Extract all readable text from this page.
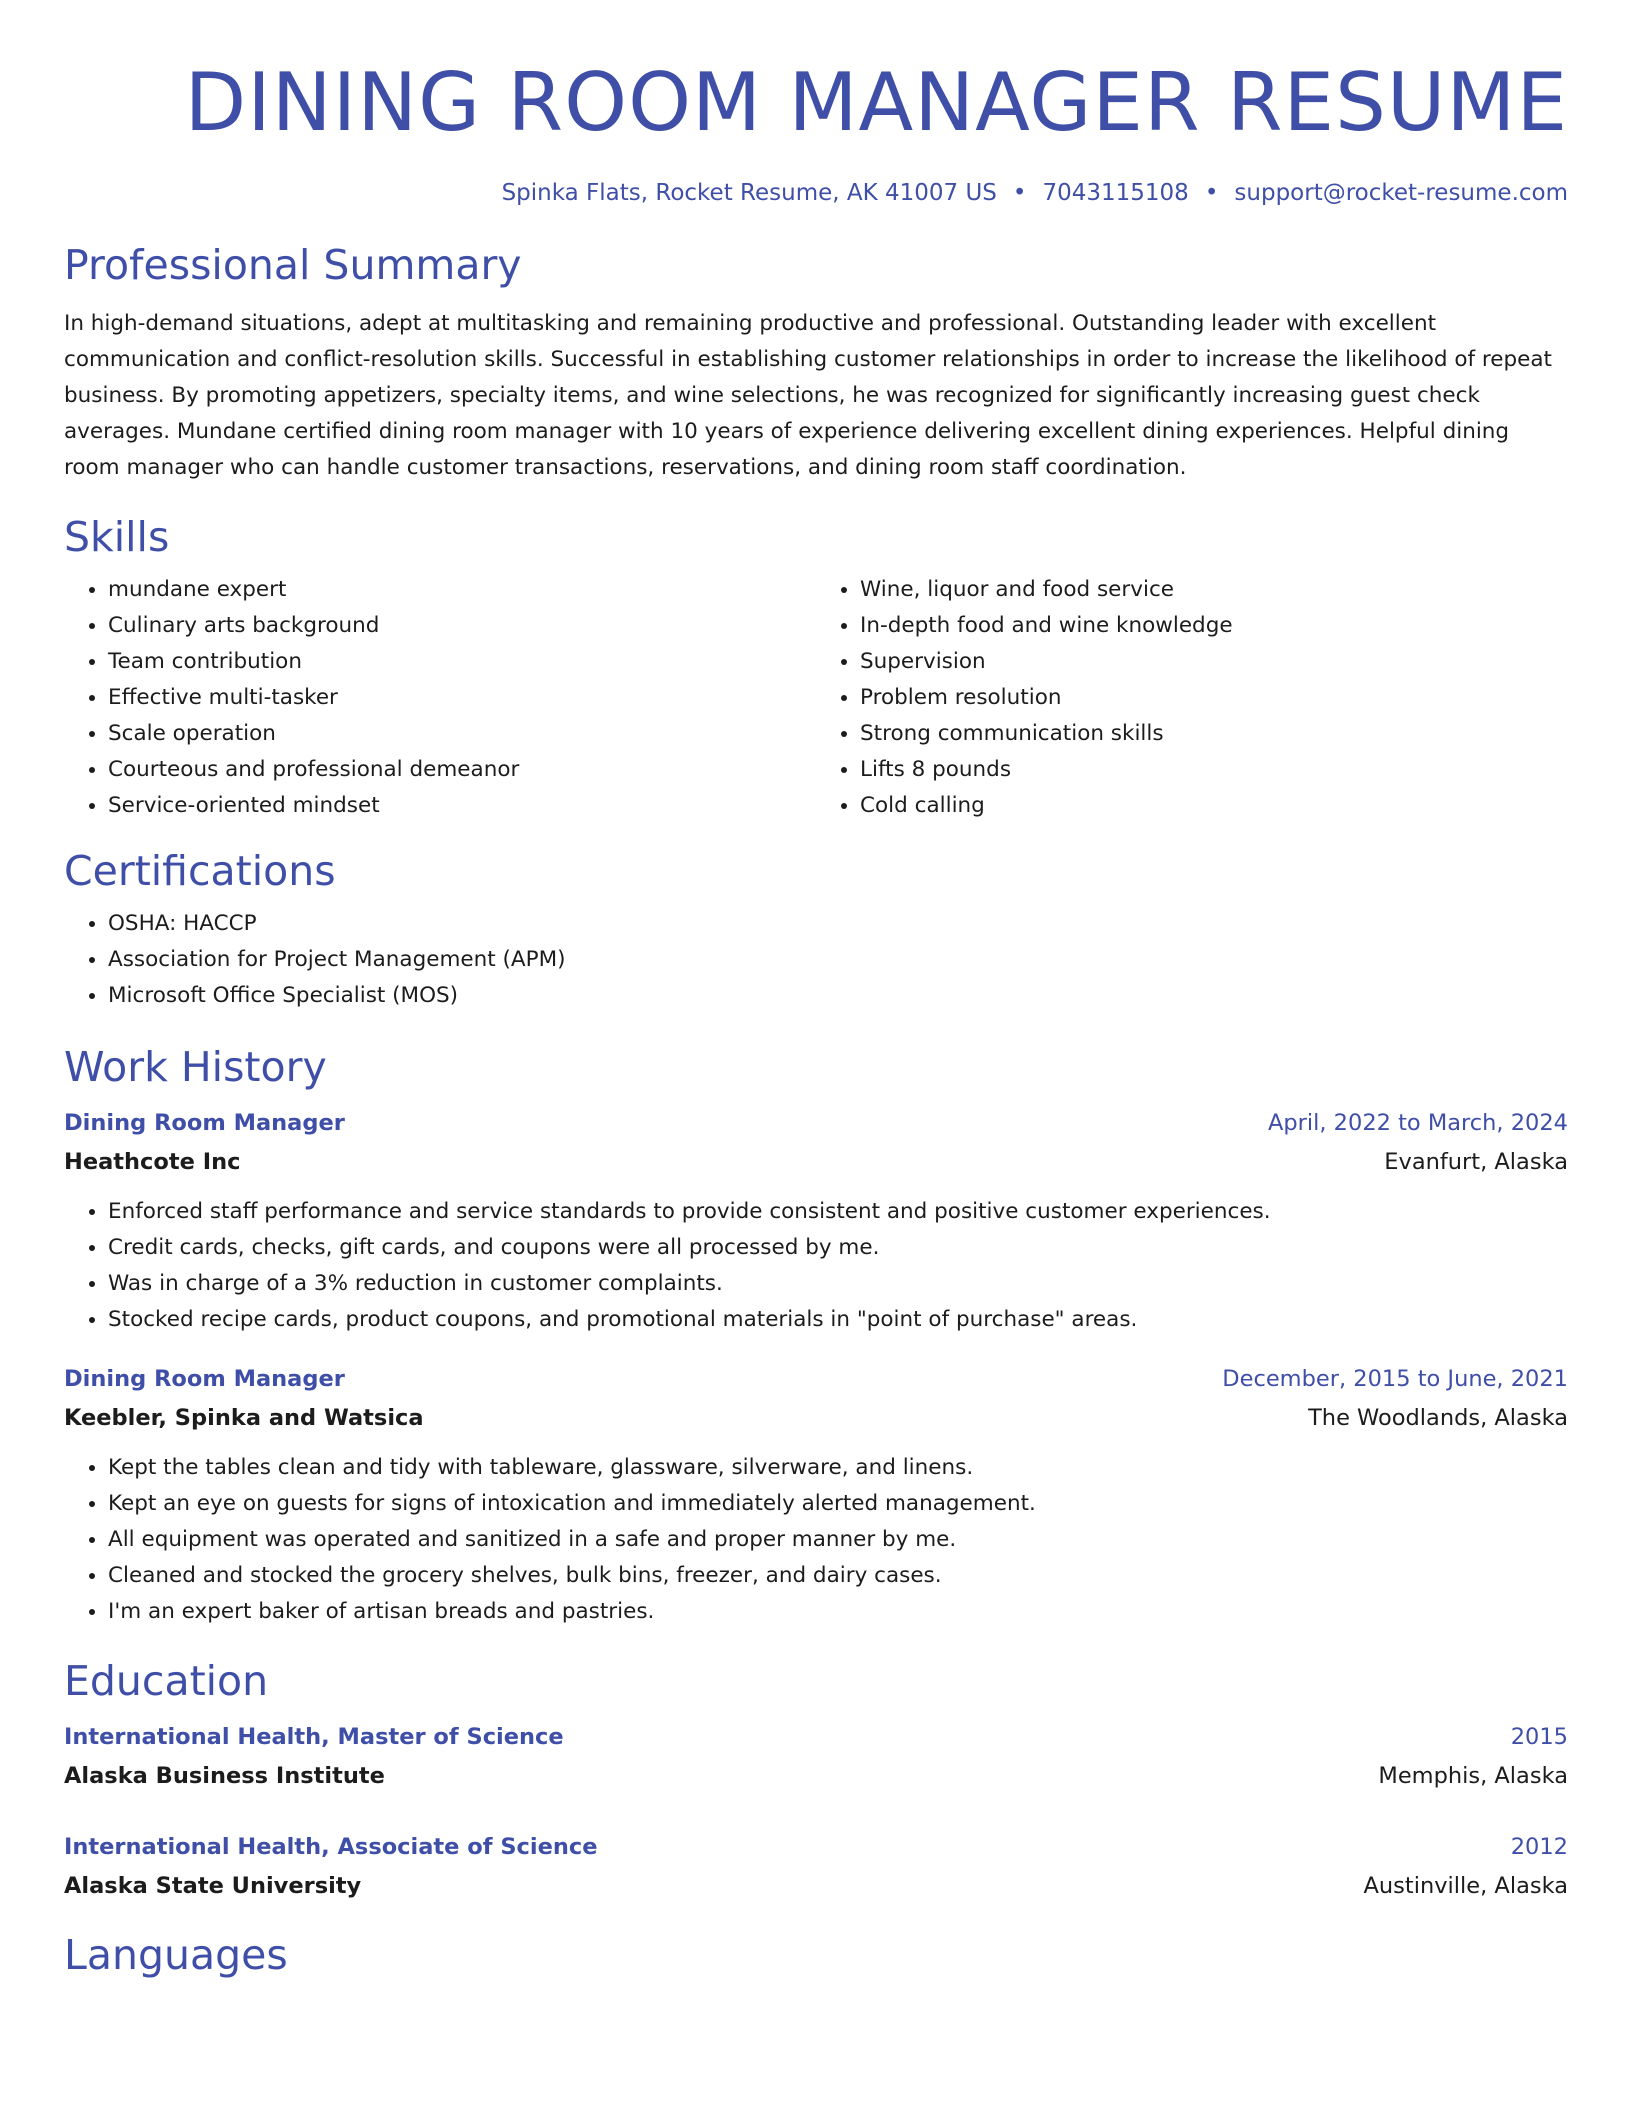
DINING ROOM MANAGER RESUME
Spinka Flats, Rocket Resume, AK 41007 US • 7043115108 • support@rocket-resume.com
Professional Summary

In high-demand situations, adept at multitasking and remaining productive and professional. Outstanding leader with excellent communication and conflict-resolution skills. Successful in establishing customer relationships in order to increase the likelihood of repeat business. By promoting appetizers, specialty items, and wine selections, he was recognized for significantly increasing guest check averages. Mundane certified dining room manager with 10 years of experience delivering excellent dining experiences. Helpful dining room manager who can handle customer transactions, reservations, and dining room staff coordination.

Skills
• mundane expert
• Culinary arts background
• Team contribution
• Effective multi-tasker
• Scale operation
• Courteous and professional demeanor
• Service-oriented mindset
• Wine, liquor and food service
• In-depth food and wine knowledge
• Supervision
• Problem resolution
• Strong communication skills
• Lifts 8 pounds
• Cold calling
Certifications
• OSHA: HACCP
• Association for Project Management (APM)
• Microsoft Office Specialist (MOS)
Work History
Dining Room Manager	April, 2022 to March, 2024
Heathcote Inc	Evanfurt, Alaska
• Enforced staff performance and service standards to provide consistent and positive customer experiences.
• Credit cards, checks, gift cards, and coupons were all processed by me.
• Was in charge of a 3% reduction in customer complaints.
• Stocked recipe cards, product coupons, and promotional materials in "point of purchase" areas.
Dining Room Manager	December, 2015 to June, 2021
Keebler, Spinka and Watsica	The Woodlands, Alaska
• Kept the tables clean and tidy with tableware, glassware, silverware, and linens.
• Kept an eye on guests for signs of intoxication and immediately alerted management.
• All equipment was operated and sanitized in a safe and proper manner by me.
• Cleaned and stocked the grocery shelves, bulk bins, freezer, and dairy cases.
• I'm an expert baker of artisan breads and pastries.
Education
International Health, Master of Science	2015
Alaska Business Institute	Memphis, Alaska
International Health, Associate of Science	2012
Alaska State University	Austinville, Alaska
Languages
